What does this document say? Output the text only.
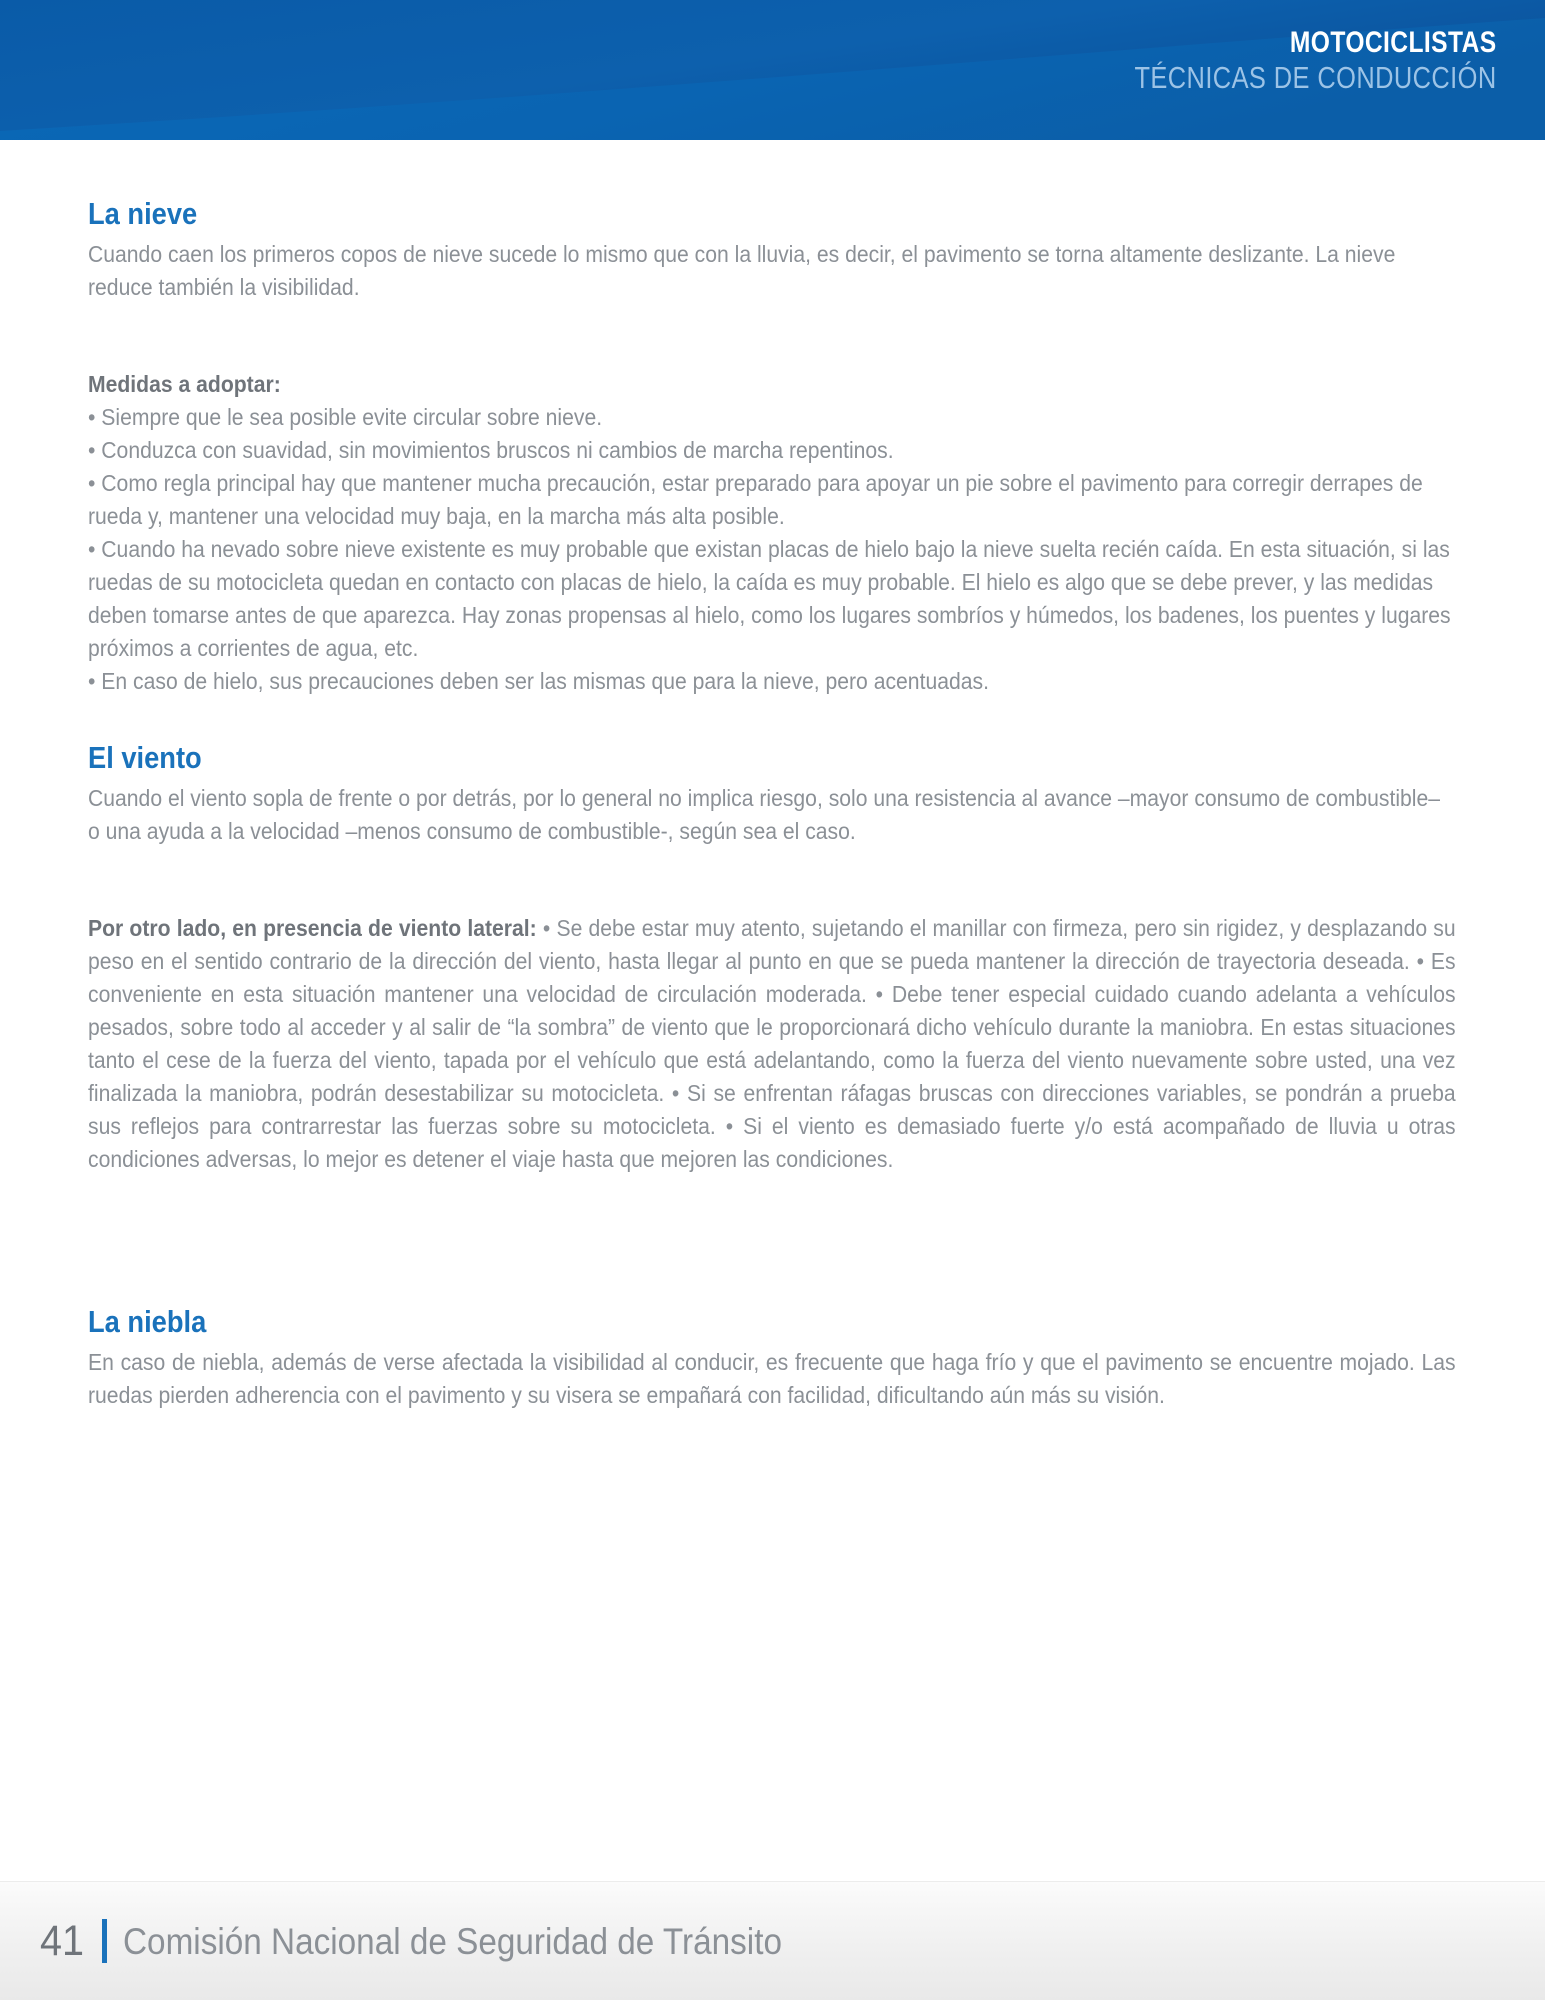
MOTOCICLISTAS
TÉCNICAS DE CONDUCCIÓN
La nieve

Cuando caen los primeros copos de nieve sucede lo mismo que con la lluvia, es decir, el pavimento se torna altamente deslizante. La nieve reduce también la visibilidad.

Medidas a adoptar:
• Siempre que le sea posible evite circular sobre nieve.
• Conduzca con suavidad, sin movimientos bruscos ni cambios de marcha repentinos.
• Como regla principal hay que mantener mucha precaución, estar preparado para apoyar un pie sobre el pavimento para corregir derrapes de rueda y, mantener una velocidad muy baja, en la marcha más alta posible.
• Cuando ha nevado sobre nieve existente es muy probable que existan placas de hielo bajo la nieve suelta recién caída. En esta situación, si las ruedas de su motocicleta quedan en contacto con placas de hielo, la caída es muy probable. El hielo es algo que se debe prever, y las medidas deben tomarse antes de que aparezca. Hay zonas propensas al hielo, como los lugares sombríos y húmedos, los badenes, los puentes y lugares próximos a corrientes de agua, etc.
• En caso de hielo, sus precauciones deben ser las mismas que para la nieve, pero acentuadas.
El viento

Cuando el viento sopla de frente o por detrás, por lo general no implica riesgo, solo una resistencia al avance –mayor consumo de combustible– o una ayuda a la velocidad –menos consumo de combustible-, según sea el caso.

Por otro lado, en presencia de viento lateral: • Se debe estar muy atento, sujetando el manillar con firmeza, pero sin rigidez, y desplazando su peso en el sentido contrario de la dirección del viento, hasta llegar al punto en que se pueda mantener la dirección de trayectoria deseada. • Es conveniente en esta situación mantener una velocidad de circulación moderada. • Debe tener especial cuidado cuando adelanta a vehículos pesados, sobre todo al acceder y al salir de “la sombra” de viento que le proporcionará dicho vehículo durante la maniobra. En estas situaciones tanto el cese de la fuerza del viento, tapada por el vehículo que está adelantando, como la fuerza del viento nuevamente sobre usted, una vez finalizada la maniobra, podrán desestabilizar su motocicleta. • Si se enfrentan ráfagas bruscas con direcciones variables, se pondrán a prueba sus reflejos para contrarrestar las fuerzas sobre su motocicleta. • Si el viento es demasiado fuerte y/o está acompañado de lluvia u otras condiciones adversas, lo mejor es detener el viaje hasta que mejoren las condiciones.

La niebla

En caso de niebla, además de verse afectada la visibilidad al conducir, es frecuente que haga frío y que el pavimento se encuentre mojado. Las ruedas pierden adherencia con el pavimento y su visera se empañará con facilidad, dificultando aún más su visión.

41 Comisión Nacional de Seguridad de Tránsito
